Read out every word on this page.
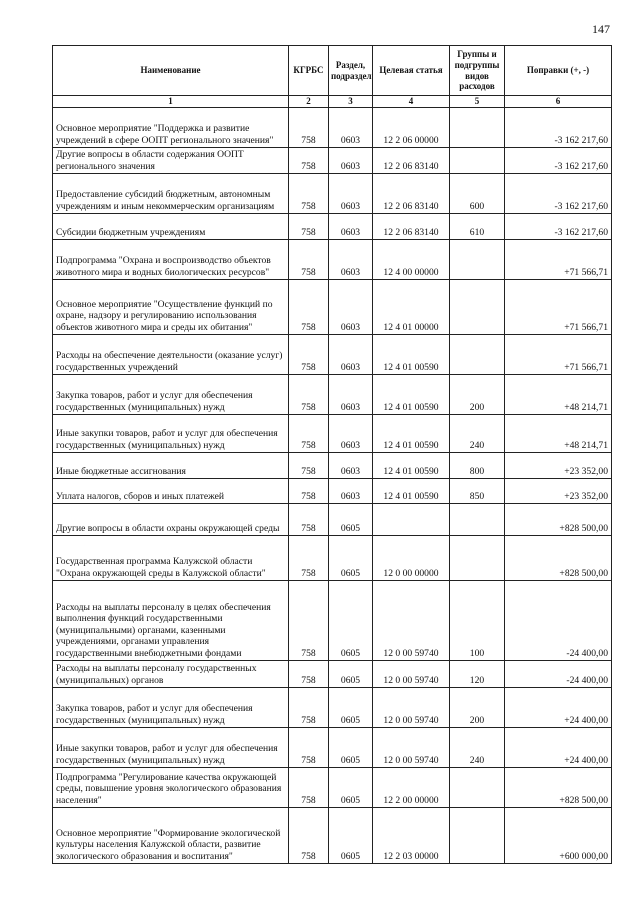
147
Наименование	КГРБС	Раздел, подраздел	Целевая статья	Группы и подгруппы видов расходов	Поправки (+, -)
1	2	3	4	5	6
Основное мероприятие "Поддержка и развитие учреждений в сфере ООПТ регионального значения"	758	0603	12 2 06 00000		-3 162 217,60
Другие вопросы в области содержания ООПТ регионального значения	758	0603	12 2 06 83140		-3 162 217,60
Предоставление субсидий бюджетным, автономным учреждениям и иным некоммерческим организациям	758	0603	12 2 06 83140	600	-3 162 217,60
Субсидии бюджетным учреждениям	758	0603	12 2 06 83140	610	-3 162 217,60
Подпрограмма "Охрана и воспроизводство объектов животного мира и водных биологических ресурсов"	758	0603	12 4 00 00000		+71 566,71
Основное мероприятие "Осуществление функций по охране, надзору и регулированию использования объектов животного мира и среды их обитания"	758	0603	12 4 01 00000		+71 566,71
Расходы на обеспечение деятельности (оказание услуг) государственных учреждений	758	0603	12 4 01 00590		+71 566,71
Закупка товаров, работ и услуг для обеспечения государственных (муниципальных) нужд	758	0603	12 4 01 00590	200	+48 214,71
Иные закупки товаров, работ и услуг для обеспечения государственных (муниципальных) нужд	758	0603	12 4 01 00590	240	+48 214,71
Иные бюджетные ассигнования	758	0603	12 4 01 00590	800	+23 352,00
Уплата налогов, сборов и иных платежей	758	0603	12 4 01 00590	850	+23 352,00
Другие вопросы в области охраны окружающей среды	758	0605			+828 500,00
Государственная программа Калужской области "Охрана окружающей среды в Калужской области"	758	0605	12 0 00 00000		+828 500,00
Расходы на выплаты персоналу в целях обеспечения выполнения функций государственными (муниципальными) органами, казенными учреждениями, органами управления государственными внебюджетными фондами	758	0605	12 0 00 59740	100	-24 400,00
Расходы на выплаты персоналу государственных (муниципальных) органов	758	0605	12 0 00 59740	120	-24 400,00
Закупка товаров, работ и услуг для обеспечения государственных (муниципальных) нужд	758	0605	12 0 00 59740	200	+24 400,00
Иные закупки товаров, работ и услуг для обеспечения государственных (муниципальных) нужд	758	0605	12 0 00 59740	240	+24 400,00
Подпрограмма "Регулирование качества окружающей среды, повышение уровня экологического образования населения"	758	0605	12 2 00 00000		+828 500,00
Основное мероприятие "Формирование экологической культуры населения Калужской области, развитие экологического образования и воспитания"	758	0605	12 2 03 00000		+600 000,00
